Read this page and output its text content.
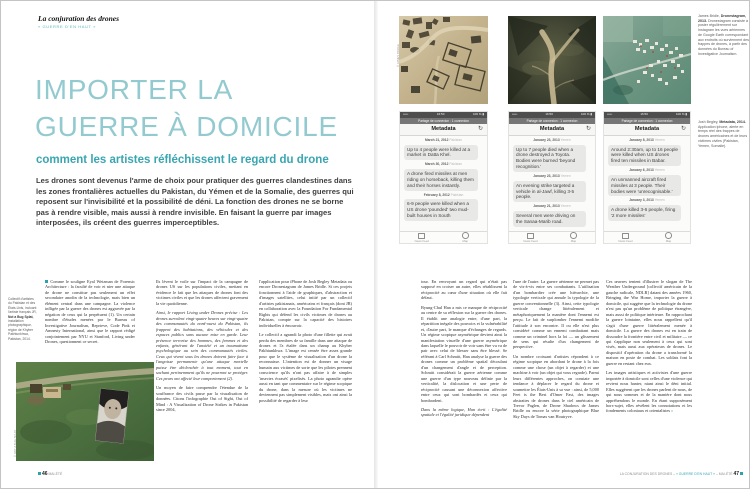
La conjuration des drones
« GUERRE D'EN HAUT »
IMPORTER LA
GUERRE À DOMICILE
comment les artistes réfléchissent le regard du drone
Les drones sont devenus l'arme de choix pour pratiquer des guerres clandestines dans les zones frontalières actuelles du Pakistan, du Yémen et de la Somalie, des guerres qui reposent sur l'invisibilité et la possibilité de déni. La fonction des drones ne se borne pas à rendre visible, mais aussi à rendre invisible. En faisant la guerre par images interposées, ils créent des guerres imperceptibles.
Collectif d'artistes du Pakistan et des États-Unis, incluant l'artiste français JR, Not a Bug Splat, installation photographique, région de Khyber Pakhtunkhwa, Pakistan, 2014.

Comme le souligne Eyal Weizman de Forensic Architecture : la faculté de voir et nier une attaque de drone ne constitue pas seulement un effet secondaire anodin de la technologie, mais bien un élément central dans une campagne. La violence infligée par la guerre des drones est aggravée par la négation de ceux qui la perpétuent (1). Un certain nombre d'études menées par le Bureau of Investigative Journalism, Reprieve, Code Pink et Amnesty International, ainsi que le rapport rédigé conjointement par NYU et Stanford, Living under Drones, questionnent ce secret.

Ils lèvent le voile sur l'impact de la campagne de drones US sur les populations civiles, mettant en évidence le fait que les attaques de drones font des victimes civiles et que les drones affectent gravement la vie quotidienne.

Ainsi, le rapport Living under Drones précise : Les drones survolent vingt-quatre heures sur vingt-quatre des communautés du nord-ouest du Pakistan, ils frappent des habitations, des véhicules et des espaces publics sans aucune mise en garde. Leur présence terrorise des hommes, des femmes et des enfants, générant de l'anxiété et un traumatisme psychologique au sein des communautés civiles. Ceux qui vivent sous les drones doivent faire face à l'angoisse permanente qu'une attaque mortelle puisse être déclenchée à tout moment, tout en sachant pertinemment qu'ils ne pourront se protéger. Ces peurs ont affecté leur comportement (2).

Un moyen de faire comprendre l'étendue de la souffrance des civils passe par la visualisation de données. Citons l'infographie Out of Sight, Out of Mind : A Visualization of Drone Strikes in Pakistan since 2004,

l'application pour iPhone de Josh Begley Metadata ou encore Dronestagram de James Bridle. Si ces projets fonctionnent à l'aide de graphiques, d'abstraction et d'images satellites, celui initié par un collectif d'artistes pakistanais, américains et français (dont JR) en collaboration avec la Foundation For Fundamental Rights qui défend les civils victimes de drones au Pakistan, compte sur la capacité des histoires individuelles à émouvoir.

Le collectif a agrandi la photo d'une fillette qui avait perdu des membres de sa famille dans une attaque de drones et l'a étalée dans un champ au Khyber Pakhtunkhwa. L'image est censée être assez grande pour que le système de visualisation d'un drone la reconnaisse. L'intention est de donner un visage humain aux victimes de sorte que les pilotes prennent conscience qu'ils n'ont pas affaire à de simples 'insectes écrasés' pixelisés. La photo agrandie opère aussi en tant que commentaire sur le régime scopique du drone, dans la mesure où les victimes ne deviennent pas simplement visibles, mais ont ainsi la possibilité de regarder à leur

© NOT A BUG SPLAT
46 MAI-ÉTÉ
© JAMES BRIDLE
James Bridle, Dronestagram, 2013. Dronestagram consiste à poster régulièrement sur Instagram les vues aériennes de Google Earth correspondant aux endroits où surviennent des frappes de drones, à partir des données du Bureau of Investigative Journalism.
Josh Begley, Metadata, 2014. Application iphone, alerte en temps réel des frappes de drones américaines et de leurs victimes civiles (Pakistan, Yemen, Somalie).
•••••	16:50	100 % ▮
Partage de connexion : 1 connexion
Metadata	↻
March 21, 2012 Pakistan
Up to 4 people were killed at a market in Datta Khel.
March 30, 2012 Pakistan
A drone fired missiles at men riding on horseback, killing them and their horses instantly.
February 8, 2012 Pakistan
6-9 people were killed when a US drone 'pounded' two mud-built houses in South
News Feed	Map
•••••	16:50	100 % ▮
Partage de connexion : 1 connexion
Metadata	↻
January 23, 2013 Yemen
Up to 7 people died when a drone destroyed a Toyota. Bodies were burned 'beyond recognition.'
January 23, 2013 Yemen
An evening strike targeted a vehicle in al-Jawf, killing 3-5 people.
January 21, 2013 Yemen
Several men were driving on the Sanaa-Marib road.
News Feed	Map
•••••	16:50	100 % ▮
Partage de connexion : 1 connexion
Metadata	↻
January 8, 2013 Yemen
Around 2:30am, up to 16 people were killed when US drones fired ten missiles in Babar.
January 6, 2013 Yemen
An unmanned aircraft fired missiles at 3 people. Their bodies were 'unrecognisable.'
January 3, 2013 Yemen
A drone killed 3-6 people, firing '2 more missiles'
News Feed	Map

tour. En renvoyant un regard qui n'était pas supposé en croiser un autre, elles rétablissent la réciprocité au cœur d'une situation où elle fait défaut.

Byung-Chul Han a mis ce manque de réciprocité au centre de sa réflexion sur la guerre des drones. Il établit une analogie entre, d'une part, la répartition inégale des pouvoirs et la vulnérabilité et, d'autre part, le manque d'échanges de regards. Un régime scopique asymétrique devient ainsi la manifestation visuelle d'une guerre asymétrique dans laquelle le pouvoir de voir sans être vu va de pair avec celui de blesser sans être blessé. Se référant à Carl Schmitt, Han analyse la guerre des drones comme un problème spatial découlant d'un changement d'angle et de perception. Schmitt considérait la guerre aérienne comme une guerre d'un type nouveau définie par la verticalité, la dislocation et une perte de réciprocité causant une déconnexion affective entre ceux qui sont bombardés et ceux qui bombardent.

Dans la même logique, Han écrit : L'égalité spatiale et l'égalité juridique dépendent

l'une de l'autre. La guerre aérienne ne permet pas de vis-à-vis entre ses combattants. L'utilisation d'un bombardier crée une hiérarchie, une typologie verticale qui annule la typologie de la guerre conventionnelle (3). Ainsi, cette typologie verticale change littéralement et métaphoriquement la manière dont l'ennemi est perçu. Le fait de surplomber l'ennemi modifie l'attitude à son encontre. Il ou elle n'est plus considéré comme un ennemi combattant mais comme un criminel hors la loi — un glissement de sens qui résulte d'un changement de perspective.

Un nombre croissant d'artistes répondent à ce régime scopique en abordant le drone à la fois comme une chose (un objet à regarder) et une machine à voir (un objet qui vous regarde). Parmi leurs différentes approches, on constate une tendance à déplacer le regard du drone et soumettre les États-Unis à sa vue : ainsi, de 5,000 Feet is the Best d'Omer Fast, des images abstraites de drones dans le ciel américain de Trevor Paglen, de Drone Shadows de James Bridle ou encore la série photographique Blue Sky Days de Tomas van Houtryve.

Ces œuvres tentent d'illustrer le slogan de The Weather Underground [collectif américain de la gauche radicale, NDLR] datant des années 1960, Bringing the War Home, importer la guerre à domicile, qui suggère que la technologie du drone n'est pas qu'un problème de politique étrangère, mais aussi de politique intérieure. En rapprochant la guerre lointaine, elles nous rappellent qu'il s'agit d'une guerre littéralement menée à domicile. La guerre des drones est en train de dissoudre la frontière entre civil et militaire — ce qui s'applique non seulement à ceux qui sont visés, mais aussi aux opérateurs de drones. Le dispositif d'opération du drone a transformé la maison en poste de combat. Les soldats font la guerre en restant chez eux.

Les images artistiques et activistes d'une guerre importée à domicile sont celles d'une violence qui revient nous hanter, niant ainsi le déni initial. Elles suggèrent que les drones parlent de nous, de qui nous sommes et de la manière dont nous appréhendons le monde. En étant supposément hors-sujet, elles révèlent les connotations et les fondements coloniaux et orientalistes ›

LA CONJURATION DES DRONES – « GUERRE D'EN HAUT » – MAI-ÉTÉ 47
